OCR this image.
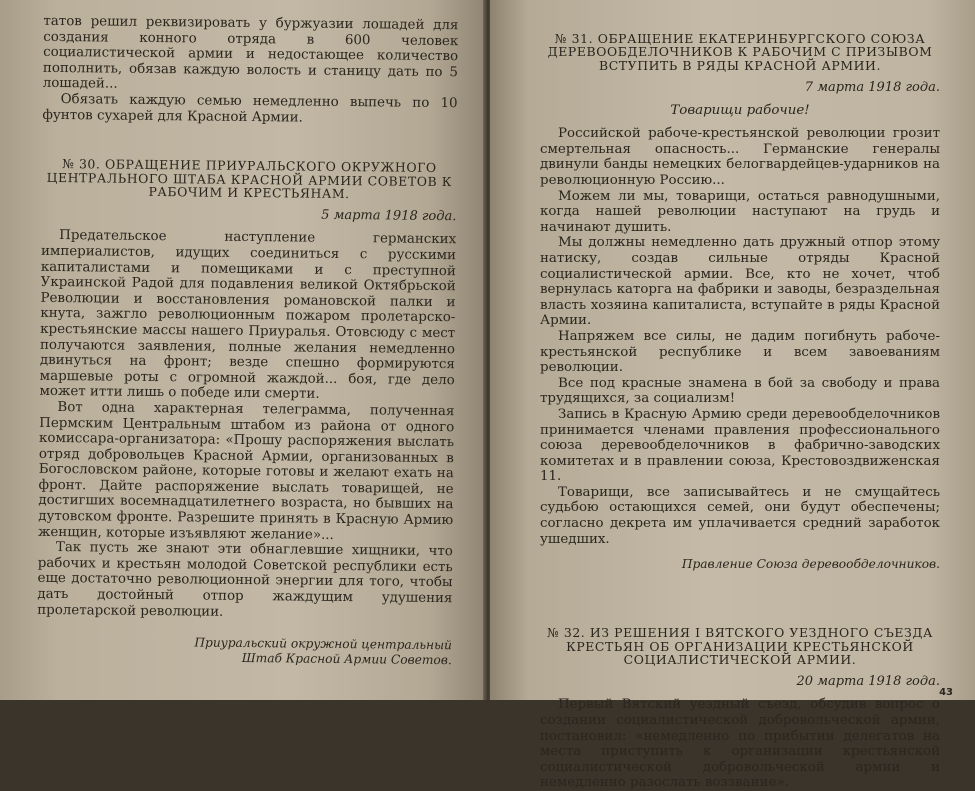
татов решил реквизировать у буржуазии лошадей для создания конного отряда в 600 человек социалистической армии и недостающее количество пополнить, обязав каждую волость и станицу дать по 5 лошадей...

Обязать каждую семью немедленно выпечь по 10 фунтов сухарей для Красной Армии.

№ 30. ОБРАЩЕНИЕ ПРИУРАЛЬСКОГО ОКРУЖНОГО ЦЕНТРАЛЬНОГО ШТАБА КРАСНОЙ АРМИИ СОВЕТОВ К РАБОЧИМ И КРЕСТЬЯНАМ.
5 марта 1918 года.

Предательское наступление германских империалистов, идущих соединиться с русскими капиталистами и помещиками и с преступной Украинской Радой для подавления великой Октябрьской Революции и восстановления романовской палки и кнута, зажгло революционным пожаром пролетарско-крестьянские массы нашего Приуралья. Отовсюду с мест получаются заявления, полные желания немедленно двинуться на фронт; везде спешно формируются маршевые роты с огромной жаждой... боя, где дело может итти лишь о победе или смерти.

Вот одна характерная телеграмма, полученная Пермским Центральным штабом из района от одного комиссара-организатора: «Прошу распоряжения выслать отряд добровольцев Красной Армии, организованных в Богословском районе, которые готовы и желают ехать на фронт. Дайте распоряжение выслать товарищей, не достигших восемнадцатилетнего возраста, но бывших на дутовском фронте. Разрешите принять в Красную Армию женщин, которые изъявляют желание»...

Так пусть же знают эти обнаглевшие хищники, что рабочих и крестьян молодой Советской республики есть еще достаточно революционной энергии для того, чтобы дать достойный отпор жаждущим удушения пролетарской революции.

Приуральский окружной центральный
Штаб Красной Армии Советов.
№ 31. ОБРАЩЕНИЕ ЕКАТЕРИНБУРГСКОГО СОЮЗА ДЕРЕВООБДЕЛОЧНИКОВ К РАБОЧИМ С ПРИЗЫВОМ ВСТУПИТЬ В РЯДЫ КРАСНОЙ АРМИИ.
7 марта 1918 года.
Товарищи рабочие!

Российской рабоче-крестьянской революции грозит смертельная опасность... Германские генералы двинули банды немецких белогвардейцев-ударников на революционную Россию...

Можем ли мы, товарищи, остаться равнодушными, когда нашей революции наступают на грудь и начинают душить.

Мы должны немедленно дать дружный отпор этому натиску, создав сильные отряды Красной социалистической армии. Все, кто не хочет, чтоб вернулась каторга на фабрики и заводы, безраздельная власть хозяина капиталиста, вступайте в ряды Красной Армии.

Напряжем все силы, не дадим погибнуть рабоче-крестьянской республике и всем завоеваниям революции.

Все под красные знамена в бой за свободу и права трудящихся, за социализм!

Запись в Красную Армию среди деревообделочников принимается членами правления профессионального союза деревообделочников в фабрично-заводских комитетах и в правлении союза, Крестовоздвиженская 11.

Товарищи, все записывайтесь и не смущайтесь судьбою остающихся семей, они будут обеспечены; согласно декрета им уплачивается средний заработок ушедших.

Правление Союза деревообделочников.
№ 32. ИЗ РЕШЕНИЯ I ВЯТСКОГО УЕЗДНОГО СЪЕЗДА КРЕСТЬЯН ОБ ОРГАНИЗАЦИИ КРЕСТЬЯНСКОЙ СОЦИАЛИСТИЧЕСКОЙ АРМИИ.
20 марта 1918 года.

Первый Вятский уездный съезд, обсудив вопрос о создании социалистической добровольческой армии, постановил: «немедленно по прибытии делегатов на места приступить к организации крестьянской социалистической добровольческой армии и немедленно разослать воззвание».

43
